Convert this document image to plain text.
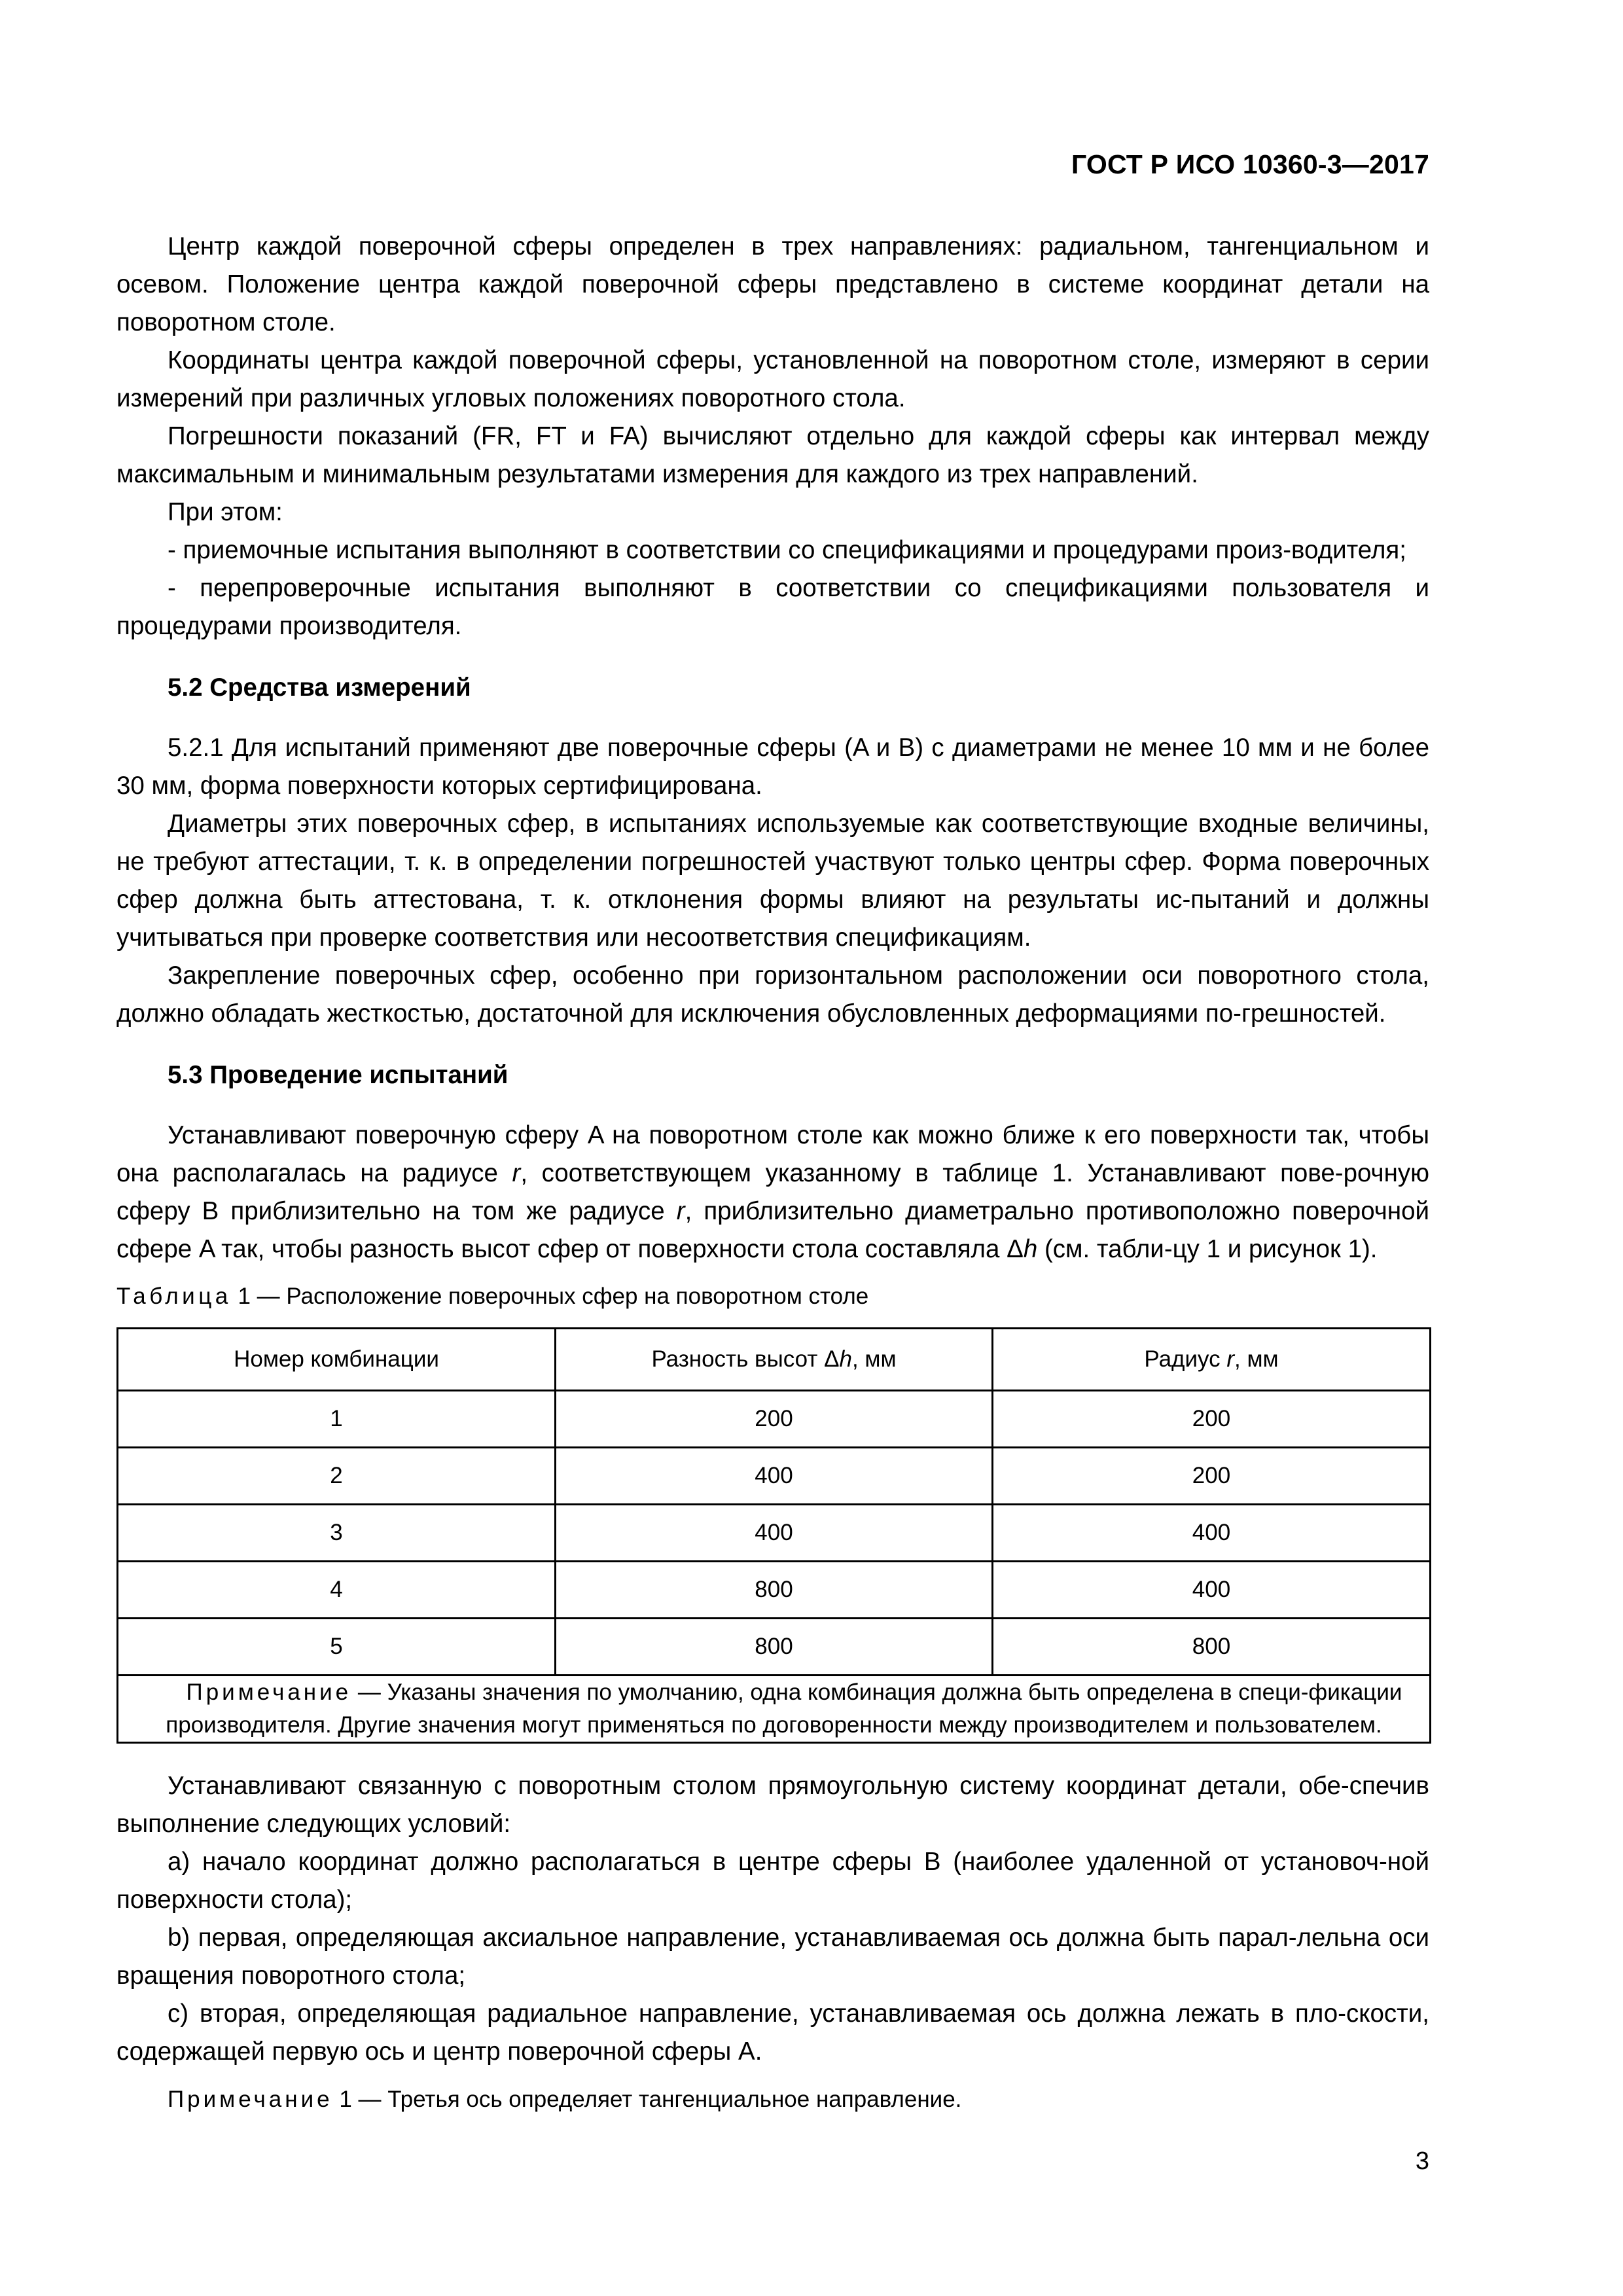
ГОСТ Р ИСО 10360-3—2017

Центр каждой поверочной сферы определен в трех направлениях: радиальном, тангенциальном и осевом. Положение центра каждой поверочной сферы представлено в системе координат детали на поворотном столе.

Координаты центра каждой поверочной сферы, установленной на поворотном столе, измеряют в серии измерений при различных угловых положениях поворотного стола.

Погрешности показаний (FR, FT и FA) вычисляют отдельно для каждой сферы как интервал между максимальным и минимальным результатами измерения для каждого из трех направлений.

При этом:

- приемочные испытания выполняют в соответствии со спецификациями и процедурами произ-водителя;

- перепроверочные испытания выполняют в соответствии со спецификациями пользователя и процедурами производителя.

5.2 Средства измерений

5.2.1 Для испытаний применяют две поверочные сферы (A и B) с диаметрами не менее 10 мм и не более 30 мм, форма поверхности которых сертифицирована.

Диаметры этих поверочных сфер, в испытаниях используемые как соответствующие входные величины, не требуют аттестации, т. к. в определении погрешностей участвуют только центры сфер. Форма поверочных сфер должна быть аттестована, т. к. отклонения формы влияют на результаты ис-пытаний и должны учитываться при проверке соответствия или несоответствия спецификациям.

Закрепление поверочных сфер, особенно при горизонтальном расположении оси поворотного стола, должно обладать жесткостью, достаточной для исключения обусловленных деформациями по-грешностей.

5.3 Проведение испытаний

Устанавливают поверочную сферу A на поворотном столе как можно ближе к его поверхности так, чтобы она располагалась на радиусе r, соответствующем указанному в таблице 1. Устанавливают пове-рочную сферу B приблизительно на том же радиусе r, приблизительно диаметрально противоположно поверочной сфере A так, чтобы разность высот сфер от поверхности стола составляла Δh (см. табли-цу 1 и рисунок 1).

Таблица 1 — Расположение поверочных сфер на поворотном столе

Номер комбинации	Разность высот Δh, мм	Радиус r, мм
1	200	200
2	400	200
3	400	400
4	800	400
5	800	800
Примечание — Указаны значения по умолчанию, одна комбинация должна быть определена в специ-фикации производителя. Другие значения могут применяться по договоренности между производителем и пользователем.		

Устанавливают связанную с поворотным столом прямоугольную систему координат детали, обе-спечив выполнение следующих условий:

a) начало координат должно располагаться в центре сферы B (наиболее удаленной от установоч-ной поверхности стола);

b) первая, определяющая аксиальное направление, устанавливаемая ось должна быть парал-лельна оси вращения поворотного стола;

c) вторая, определяющая радиальное направление, устанавливаемая ось должна лежать в пло-скости, содержащей первую ось и центр поверочной сферы A.

Примечание 1 — Третья ось определяет тангенциальное направление.

3
